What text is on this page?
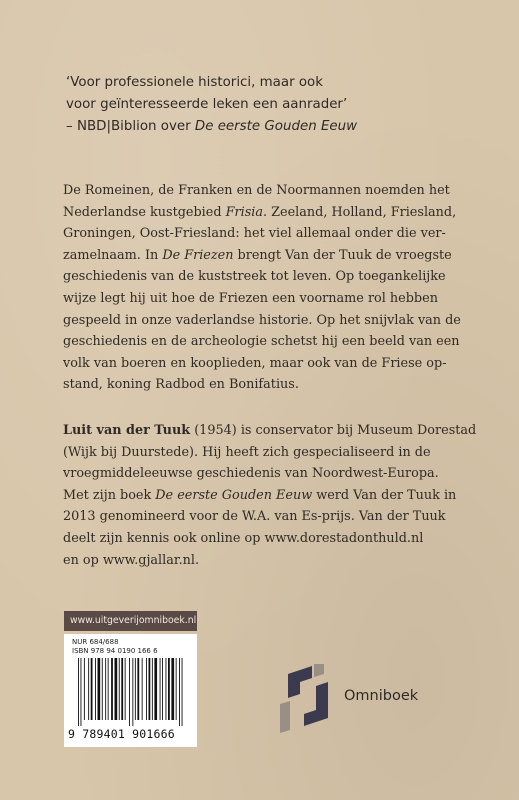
‘Voor professionele historici, maar ook
voor geïnteresseerde leken een aanrader’
– NBD|Biblion over De eerste Gouden Eeuw
De Romeinen, de Franken en de Noormannen noemden het
Nederlandse kustgebied Frisia. Zeeland, Holland, Friesland,
Groningen, Oost-Friesland: het viel allemaal onder die ver-
zamelnaam. In De Friezen brengt Van der Tuuk de vroegste
geschiedenis van de kuststreek tot leven. Op toegankelijke
wijze legt hij uit hoe de Friezen een voorname rol hebben
gespeeld in onze vaderlandse historie. Op het snijvlak van de
geschiedenis en de archeologie schetst hij een beeld van een
volk van boeren en kooplieden, maar ook van de Friese op-
stand, koning Radbod en Bonifatius.
Luit van der Tuuk (1954) is conservator bij Museum Dorestad
(Wijk bij Duurstede). Hij heeft zich gespecialiseerd in de
vroegmiddeleeuwse geschiedenis van Noordwest-Europa.
Met zijn boek De eerste Gouden Eeuw werd Van der Tuuk in
2013 genomineerd voor de W.A. van Es-prijs. Van der Tuuk
deelt zijn kennis ook online op www.dorestadonthuld.nl
en op www.gjallar.nl.
www.uitgeverijomniboek.nl
NUR 684/688
ISBN 978 94 0190 166 6
9 789401 901666
Omniboek
